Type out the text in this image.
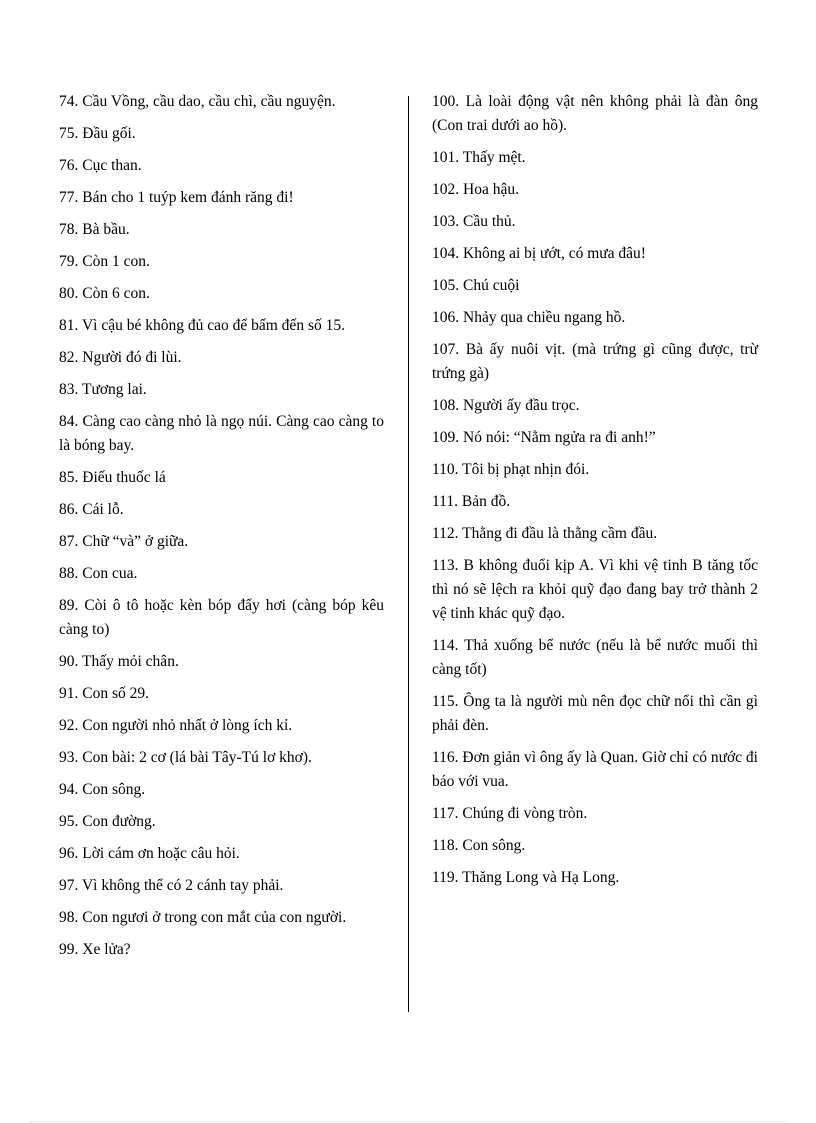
74. Cầu Vồng, cầu dao, cầu chì, cầu nguyện.

75. Đầu gối.

76. Cục than.

77. Bán cho 1 tuýp kem đánh răng đi!

78. Bà bầu.

79. Còn 1 con.

80. Còn 6 con.

81. Vì cậu bé không đủ cao để bấm đến số 15.

82. Người đó đi lùi.

83. Tương lai.

84. Càng cao càng nhỏ là ngọ núi. Càng cao càng to là bóng bay.

85. Điếu thuốc lá

86. Cái lỗ.

87. Chữ “và” ở giữa.

88. Con cua.

89. Còi ô tô hoặc kèn bóp đẩy hơi (càng bóp kêu càng to)

90. Thấy mỏi chân.

91. Con số 29.

92. Con người nhỏ nhất ở lòng ích kỉ.

93. Con bài: 2 cơ (lá bài Tây-Tú lơ khơ).

94. Con sông.

95. Con đường.

96. Lời cám ơn hoặc câu hỏi.

97. Vì không thể có 2 cánh tay phải.

98. Con ngươi ở trong con mắt của con người.

99. Xe lửa?

100. Là loài động vật nên không phải là đàn ông (Con trai dưới ao hồ).

101. Thấy mệt.

102. Hoa hậu.

103. Cầu thủ.

104. Không ai bị ướt, có mưa đâu!

105. Chú cuội

106. Nhảy qua chiều ngang hồ.

107. Bà ấy nuôi vịt. (mà trứng gì cũng được, trừ trứng gà)

108. Người ấy đầu trọc.

109. Nó nói: “Nằm ngửa ra đi anh!”

110. Tôi bị phạt nhịn đói.

111. Bản đồ.

112. Thằng đi đầu là thằng cầm đầu.

113. B không đuổi kịp A. Vì khi vệ tinh B tăng tốc thì nó sẽ lệch ra khỏi quỹ đạo đang bay trở thành 2 vệ tinh khác quỹ đạo.

114. Thả xuống bể nước (nếu là bể nước muối thì càng tốt)

115. Ông ta là người mù nên đọc chữ nổi thì cần gì phải đèn.

116. Đơn giản vì ông ấy là Quan. Giờ chỉ có nước đi báo với vua.

117. Chúng đi vòng tròn.

118. Con sông.

119. Thăng Long và Hạ Long.
